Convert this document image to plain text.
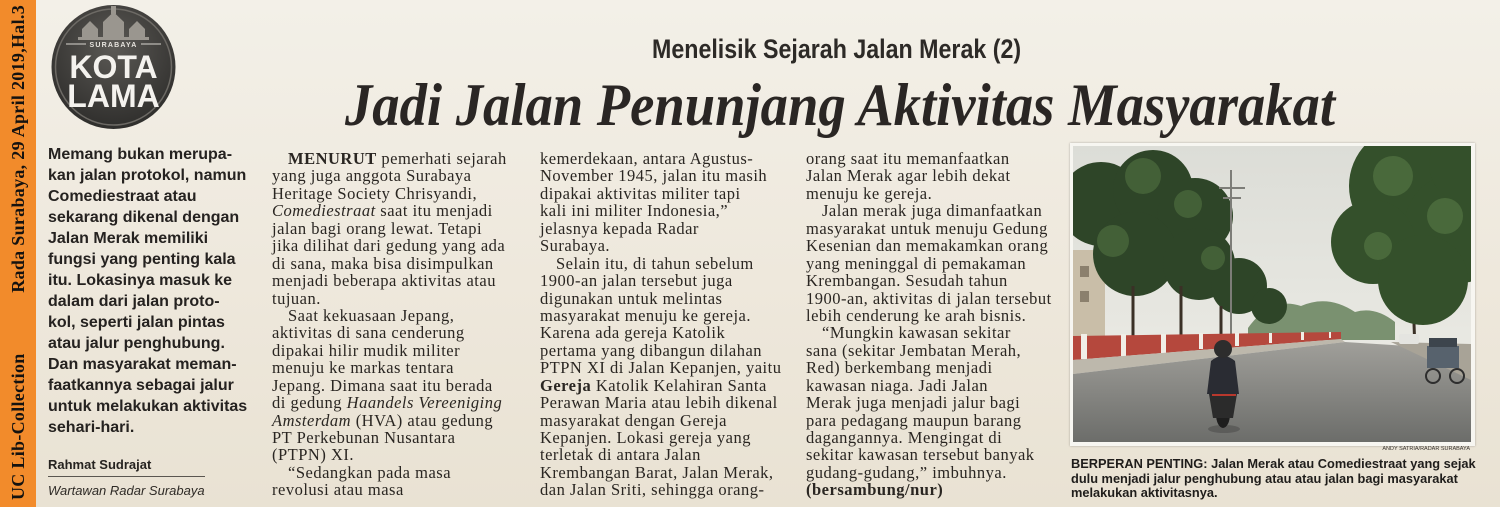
UC Lib-Collection
Rada Surabaya, 29 April 2019,Hal.3	SURABAYA
KOTA
LAMA
Menelisik Sejarah Jalan Merak (2)
Jadi Jalan Penunjang Aktivitas Masyarakat
Memang bukan merupa-
kan jalan protokol, namun
Comediestraat atau
sekarang dikenal dengan
Jalan Merak memiliki
fungsi yang penting kala
itu. Lokasinya masuk ke
dalam dari jalan proto-
kol, seperti jalan pintas
atau jalur penghubung.
Dan masyarakat meman-
faatkannya sebagai jalur
untuk melakukan aktivitas
sehari-hari.
Rahmat Sudrajat
Wartawan Radar Surabaya
MENURUT pemerhati sejarah
yang juga anggota Surabaya
Heritage Society Chrisyandi,
Comediestraat saat itu menjadi
jalan bagi orang lewat. Tetapi
jika dilihat dari gedung yang ada
di sana, maka bisa disimpulkan
menjadi beberapa aktivitas atau
tujuan.
Saat kekuasaan Jepang,
aktivitas di sana cenderung
dipakai hilir mudik militer
menuju ke markas tentara
Jepang. Dimana saat itu berada
di gedung Haandels Vereeniging
Amsterdam (HVA) atau gedung
PT Perkebunan Nusantara
(PTPN) XI.
“Sedangkan pada masa
revolusi atau masa
kemerdekaan, antara Agustus-
November 1945, jalan itu masih
dipakai aktivitas militer tapi
kali ini militer Indonesia,”
jelasnya kepada Radar
Surabaya.
Selain itu, di tahun sebelum
1900-an jalan tersebut juga
digunakan untuk melintas
masyarakat menuju ke gereja.
Karena ada gereja Katolik
pertama yang dibangun dilahan
PTPN XI di Jalan Kepanjen, yaitu
Gereja Katolik Kelahiran Santa
Perawan Maria atau lebih dikenal
masyarakat dengan Gereja
Kepanjen. Lokasi gereja yang
terletak di antara Jalan
Krembangan Barat, Jalan Merak,
dan Jalan Sriti, sehingga orang-
orang saat itu memanfaatkan
Jalan Merak agar lebih dekat
menuju ke gereja.
Jalan merak juga dimanfaatkan
masyarakat untuk menuju Gedung
Kesenian dan memakamkan orang
yang meninggal di pemakaman
Krembangan. Sesudah tahun
1900-an, aktivitas di jalan tersebut
lebih cenderung ke arah bisnis.
“Mungkin kawasan sekitar
sana (sekitar Jembatan Merah,
Red) berkembang menjadi
kawasan niaga. Jadi Jalan
Merak juga menjadi jalur bagi
para pedagang maupun barang
dagangannya. Mengingat di
sekitar kawasan tersebut banyak
gudang-gudang,” imbuhnya.
(bersambung/nur)
ANDY SATRIA/RADAR SURABAYA
BERPERAN PENTING: Jalan Merak atau Comediestraat yang sejak
dulu menjadi jalur penghubung atau atau jalan bagi masyarakat
melakukan aktivitasnya.
